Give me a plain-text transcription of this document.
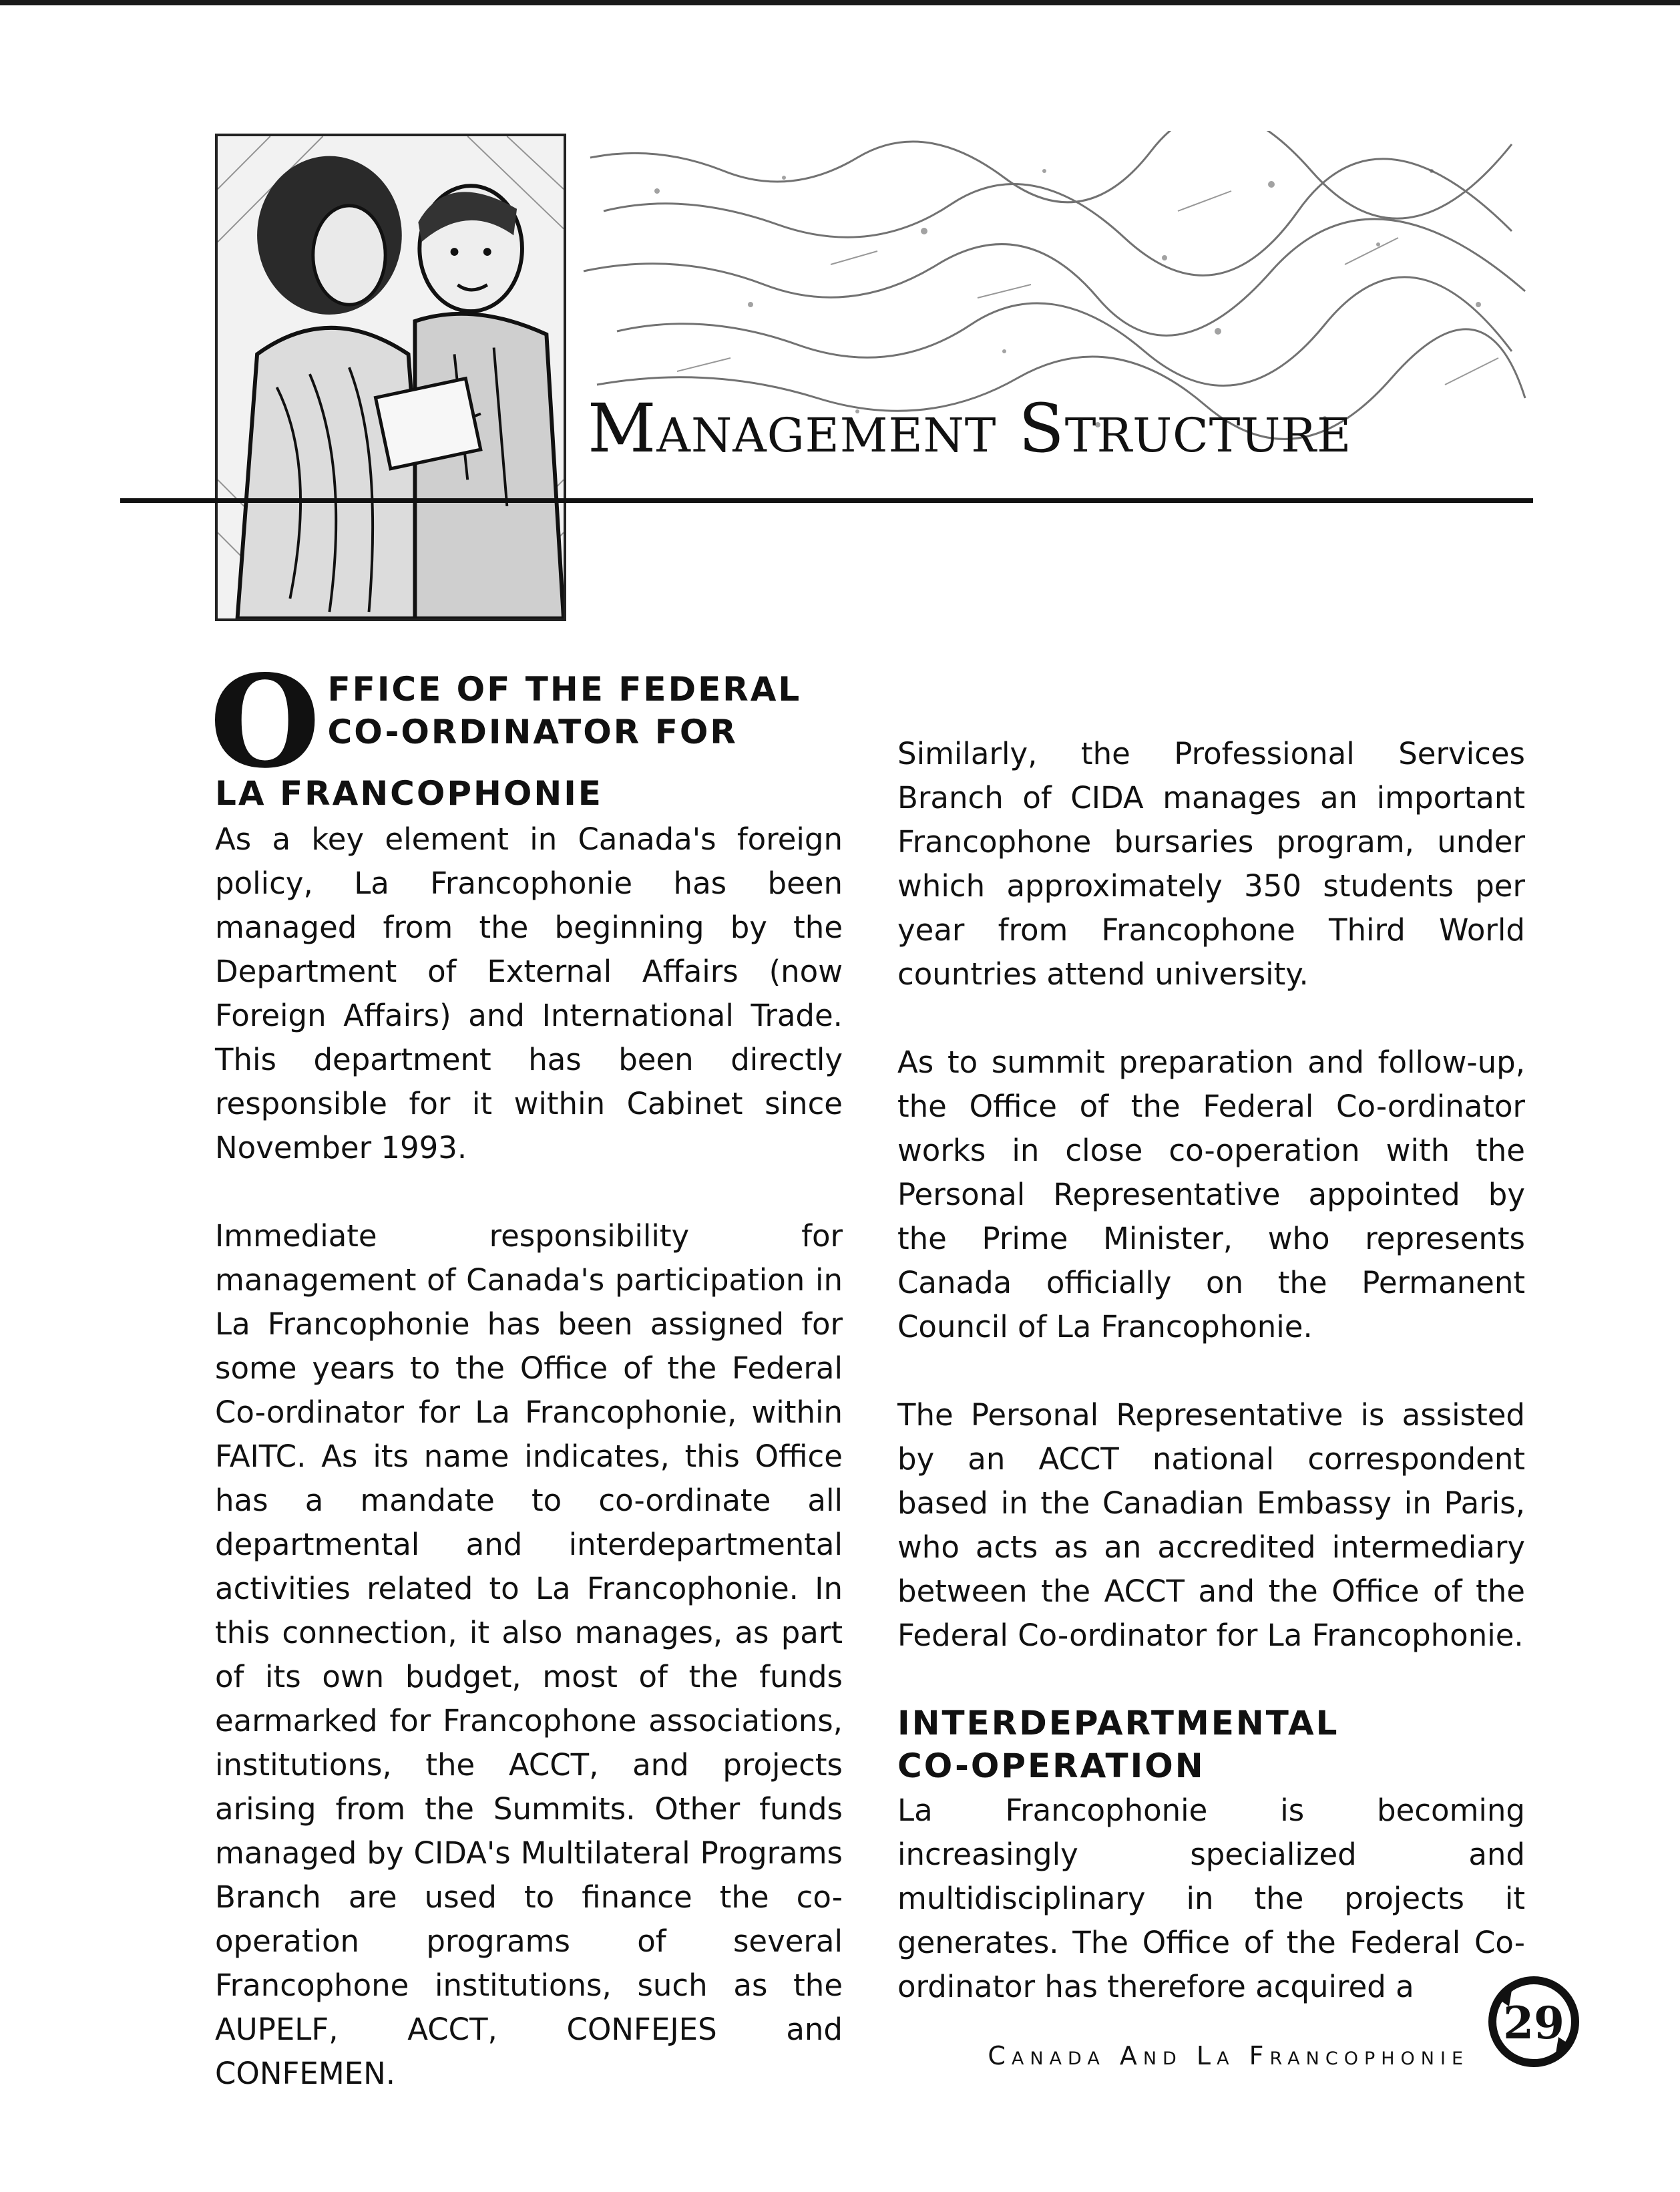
Management Structure
O FFICE OF THE FEDERAL
CO-ORDINATOR FOR
LA FRANCOPHONIE

As a key element in Canada's foreign policy, La Francophonie has been managed from the beginning by the Department of External Affairs (now Foreign Affairs) and International Trade. This department has been directly responsible for it within Cabinet since November 1993.

Immediate responsibility for management of Canada's participation in La Francophonie has been assigned for some years to the Office of the Federal Co-ordinator for La Francophonie, within FAITC. As its name indicates, this Office has a mandate to co-ordinate all departmental and interdepartmental activities related to La Francophonie. In this connection, it also manages, as part of its own budget, most of the funds earmarked for Francophone associations, institutions, the ACCT, and projects arising from the Summits. Other funds managed by CIDA's Multilateral Programs Branch are used to finance the co-operation programs of several Francophone institutions, such as the AUPELF, ACCT, CONFEJES and CONFEMEN.

Similarly, the Professional Services Branch of CIDA manages an important Francophone bursaries program, under which approximately 350 students per year from Francophone Third World countries attend university.

As to summit preparation and follow-up, the Office of the Federal Co-ordinator works in close co-operation with the Personal Representative appointed by the Prime Minister, who represents Canada officially on the Permanent Council of La Francophonie.

The Personal Representative is assisted by an ACCT national correspondent based in the Canadian Embassy in Paris, who acts as an accredited intermediary between the ACCT and the Office of the Federal Co-ordinator for La Francophonie.

INTERDEPARTMENTAL
CO-OPERATION

La Francophonie is becoming increasingly specialized and multidisciplinary in the projects it generates. The Office of the Federal Co-ordinator has therefore acquired a

Canada And La Francophonie
29
